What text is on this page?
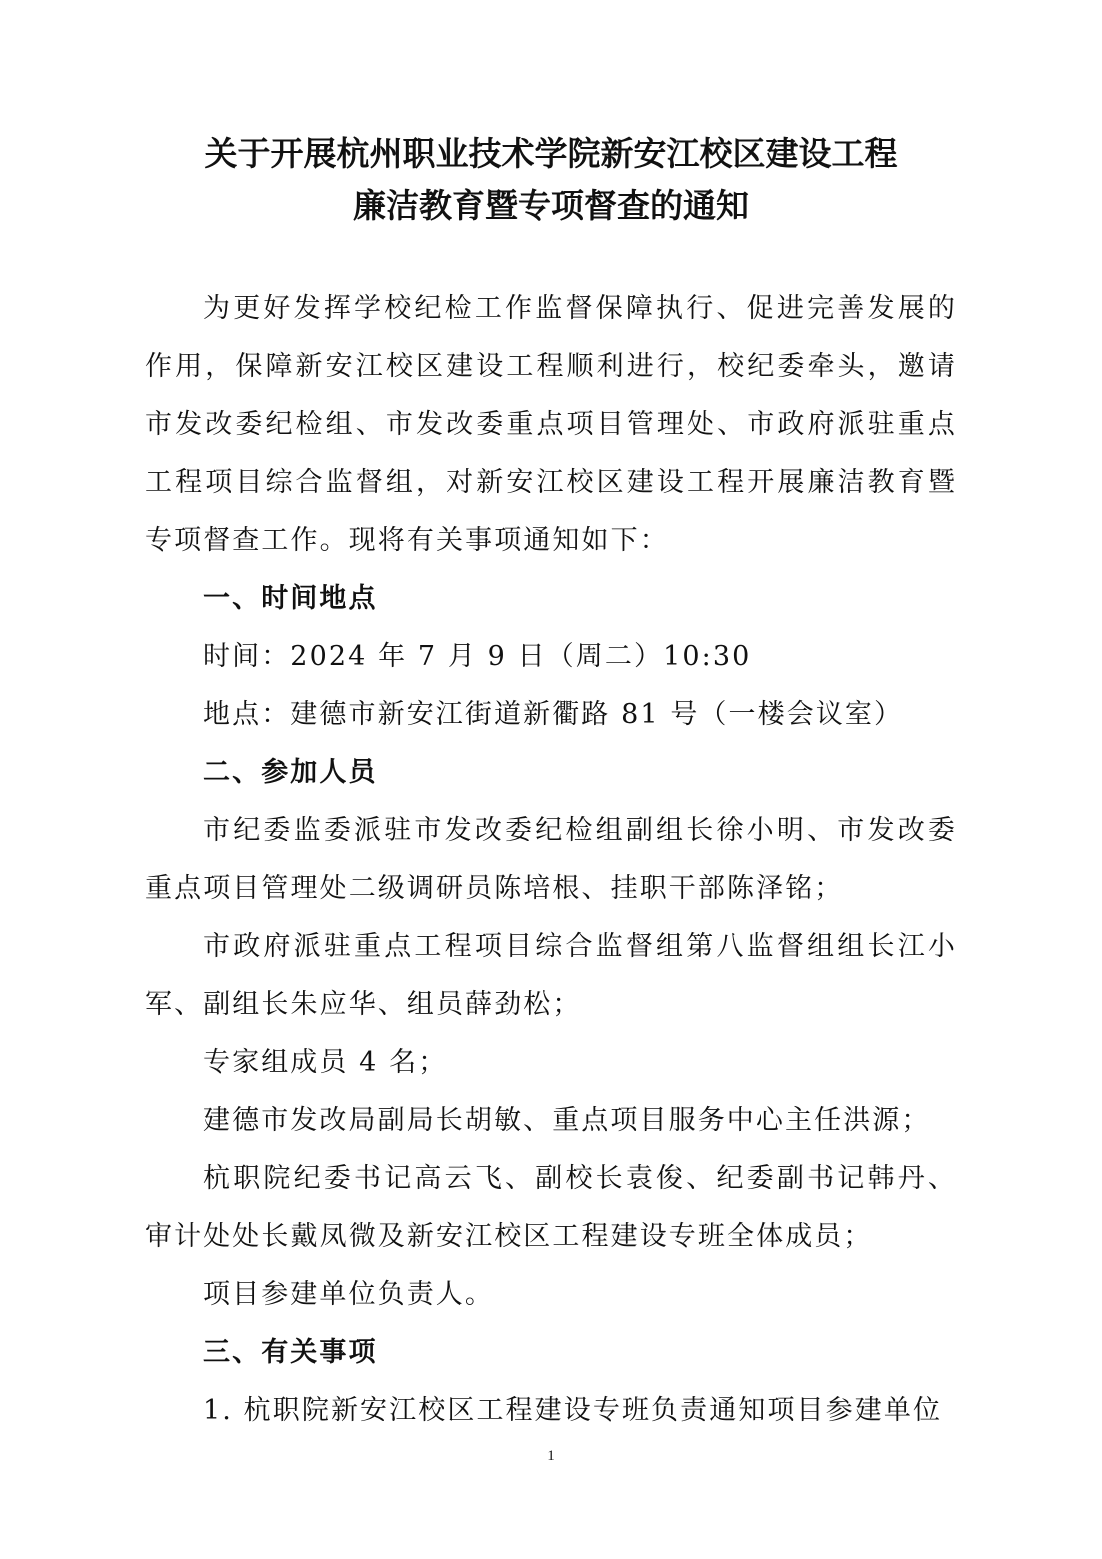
关于开展杭州职业技术学院新安江校区建设工程
廉洁教育暨专项督查的通知
为更好发挥学校纪检工作监督保障执行、促进完善发展的
作用，保障新安江校区建设工程顺利进行，校纪委牵头，邀请
市发改委纪检组、市发改委重点项目管理处、市政府派驻重点
工程项目综合监督组，对新安江校区建设工程开展廉洁教育暨
专项督查工作。现将有关事项通知如下：
一、时间地点
时间：2024 年 7 月 9 日（周二）10:30
地点：建德市新安江街道新衢路 81 号（一楼会议室）
二、参加人员
市纪委监委派驻市发改委纪检组副组长徐小明、市发改委
重点项目管理处二级调研员陈培根、挂职干部陈泽铭；
市政府派驻重点工程项目综合监督组第八监督组组长江小
军、副组长朱应华、组员薛劲松；
专家组成员 4 名；
建德市发改局副局长胡敏、重点项目服务中心主任洪源；
杭职院纪委书记高云飞、副校长袁俊、纪委副书记韩丹、
审计处处长戴凤微及新安江校区工程建设专班全体成员；
项目参建单位负责人。
三、有关事项
1. 杭职院新安江校区工程建设专班负责通知项目参建单位
1
